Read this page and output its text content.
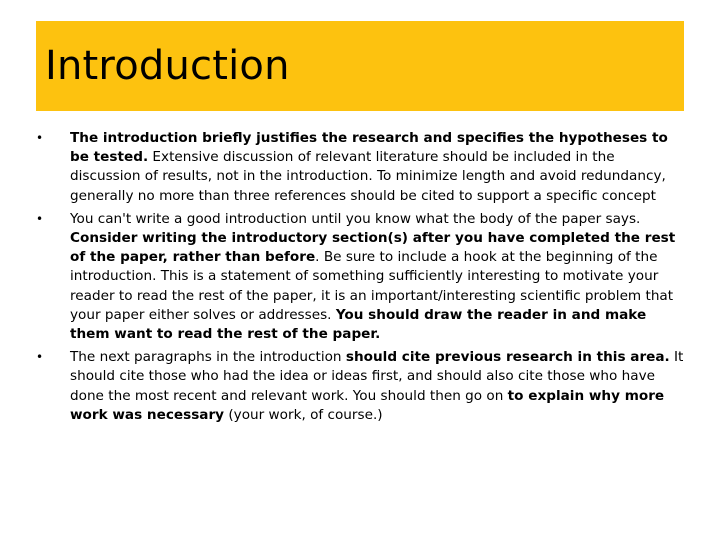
Introduction
•	The introduction briefly justifies the research and specifies the hypotheses to be tested. Extensive discussion of relevant literature should be included in the discussion of results, not in the introduction. To minimize length and avoid redundancy, generally no more than three references should be cited to support a specific concept
•	You can't write a good introduction until you know what the body of the paper says. Consider writing the introductory section(s) after you have completed the rest of the paper, rather than before. Be sure to include a hook at the beginning of the introduction. This is a statement of something sufficiently interesting to motivate your reader to read the rest of the paper, it is an important/interesting scientific problem that your paper either solves or addresses. You should draw the reader in and make them want to read the rest of the paper.
•	The next paragraphs in the introduction should cite previous research in this area. It should cite those who had the idea or ideas first, and should also cite those who have done the most recent and relevant work. You should then go on to explain why more work was necessary (your work, of course.)
